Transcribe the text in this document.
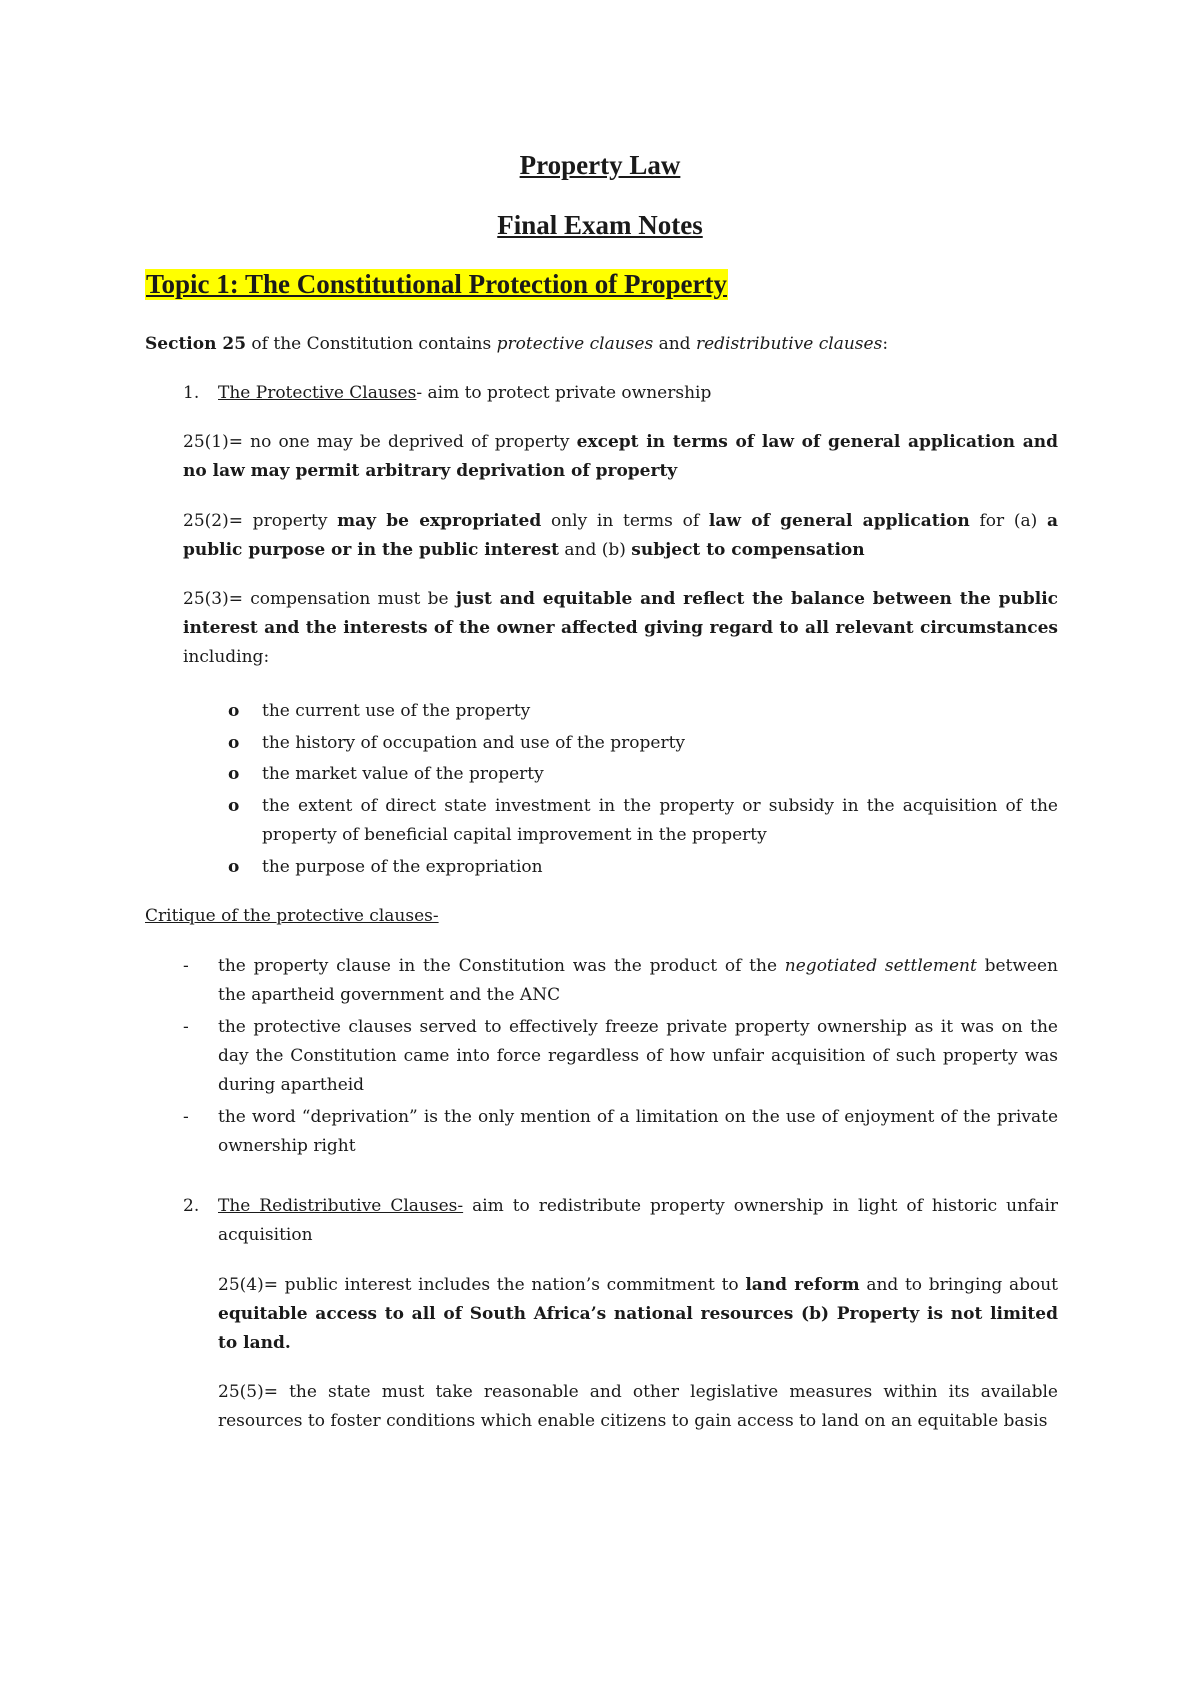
Property Law
Final Exam Notes
Topic 1: The Constitutional Protection of Property
Section 25 of the Constitution contains protective clauses and redistributive clauses:
1. The Protective Clauses- aim to protect private ownership
25(1)= no one may be deprived of property except in terms of law of general application and no law may permit arbitrary deprivation of property
25(2)= property may be expropriated only in terms of law of general application for (a) a public purpose or in the public interest and (b) subject to compensation
25(3)= compensation must be just and equitable and reflect the balance between the public interest and the interests of the owner affected giving regard to all relevant circumstances including:
o the current use of the property
o the history of occupation and use of the property
o the market value of the property
o the extent of direct state investment in the property or subsidy in the acquisition of the property of beneficial capital improvement in the property
o the purpose of the expropriation
Critique of the protective clauses-
- the property clause in the Constitution was the product of the negotiated settlement between the apartheid government and the ANC
- the protective clauses served to effectively freeze private property ownership as it was on the day the Constitution came into force regardless of how unfair acquisition of such property was during apartheid
- the word “deprivation” is the only mention of a limitation on the use of enjoyment of the private ownership right
2. The Redistributive Clauses- aim to redistribute property ownership in light of historic unfair acquisition
25(4)= public interest includes the nation’s commitment to land reform and to bringing about equitable access to all of South Africa’s national resources (b) Property is not limited to land.
25(5)= the state must take reasonable and other legislative measures within its available resources to foster conditions which enable citizens to gain access to land on an equitable basis
